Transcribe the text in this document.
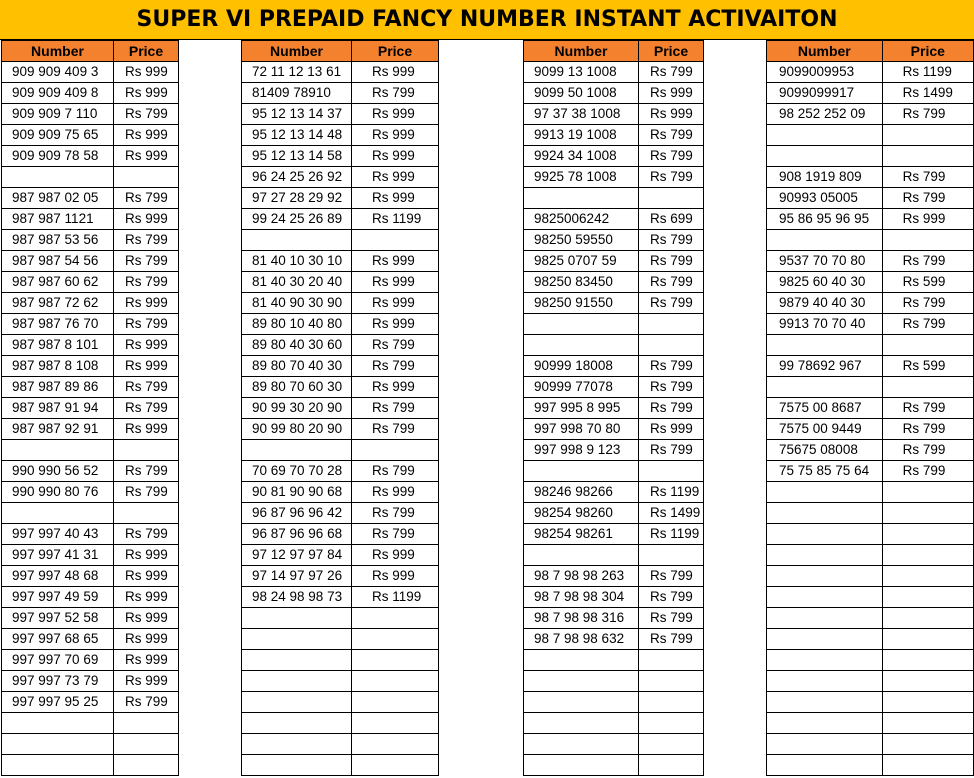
SUPER VI PREPAID FANCY NUMBER INSTANT ACTIVAITON
Number	Price
909 909 409 3	Rs 999
909 909 409 8	Rs 999
909 909 7 110	Rs 799
909 909 75 65	Rs 999
909 909 78 58	Rs 999

987 987 02 05	Rs 799
987 987 1121	Rs 999
987 987 53 56	Rs 799
987 987 54 56	Rs 799
987 987 60 62	Rs 799
987 987 72 62	Rs 999
987 987 76 70	Rs 799
987 987 8 101	Rs 999
987 987 8 108	Rs 999
987 987 89 86	Rs 799
987 987 91 94	Rs 799
987 987 92 91	Rs 999

990 990 56 52	Rs 799
990 990 80 76	Rs 799

997 997 40 43	Rs 799
997 997 41 31	Rs 999
997 997 48 68	Rs 999
997 997 49 59	Rs 999
997 997 52 58	Rs 999
997 997 68 65	Rs 999
997 997 70 69	Rs 999
997 997 73 79	Rs 999
997 997 95 25	Rs 799

Number	Price
72 11 12 13 61	Rs 999
81409 78910	Rs 799
95 12 13 14 37	Rs 999
95 12 13 14 48	Rs 999
95 12 13 14 58	Rs 999
96 24 25 26 92	Rs 999
97 27 28 29 92	Rs 999
99 24 25 26 89	Rs 1199

81 40 10 30 10	Rs 999
81 40 30 20 40	Rs 999
81 40 90 30 90	Rs 999
89 80 10 40 80	Rs 999
89 80 40 30 60	Rs 799
89 80 70 40 30	Rs 799
89 80 70 60 30	Rs 999
90 99 30 20 90	Rs 799
90 99 80 20 90	Rs 799

70 69 70 70 28	Rs 799
90 81 90 90 68	Rs 999
96 87 96 96 42	Rs 799
96 87 96 96 68	Rs 799
97 12 97 97 84	Rs 999
97 14 97 97 26	Rs 999
98 24 98 98 73	Rs 1199

Number	Price
9099 13 1008	Rs 799
9099 50 1008	Rs 999
97 37 38 1008	Rs 999
9913 19 1008	Rs 799
9924 34 1008	Rs 799
9925 78 1008	Rs 799

9825006242	Rs 699
98250 59550	Rs 799
9825 0707 59	Rs 799
98250 83450	Rs 799
98250 91550	Rs 799

90999 18008	Rs 799
90999 77078	Rs 799
997 995 8 995	Rs 799
997 998 70 80	Rs 999
997 998 9 123	Rs 799

98246 98266	Rs 1199
98254 98260	Rs 1499
98254 98261	Rs 1199

98 7 98 98 263	Rs 799
98 7 98 98 304	Rs 799
98 7 98 98 316	Rs 799
98 7 98 98 632	Rs 799

Number	Price
9099009953	Rs 1199
9099099917	Rs 1499
98 252 252 09	Rs 799

908 1919 809	Rs 799
90993 05005	Rs 799
95 86 95 96 95	Rs 999

9537 70 70 80	Rs 799
9825 60 40 30	Rs 599
9879 40 40 30	Rs 799
9913 70 70 40	Rs 799

99 78692 967	Rs 599

7575 00 8687	Rs 799
7575 00 9449	Rs 799
75675 08008	Rs 799
75 75 85 75 64	Rs 799
